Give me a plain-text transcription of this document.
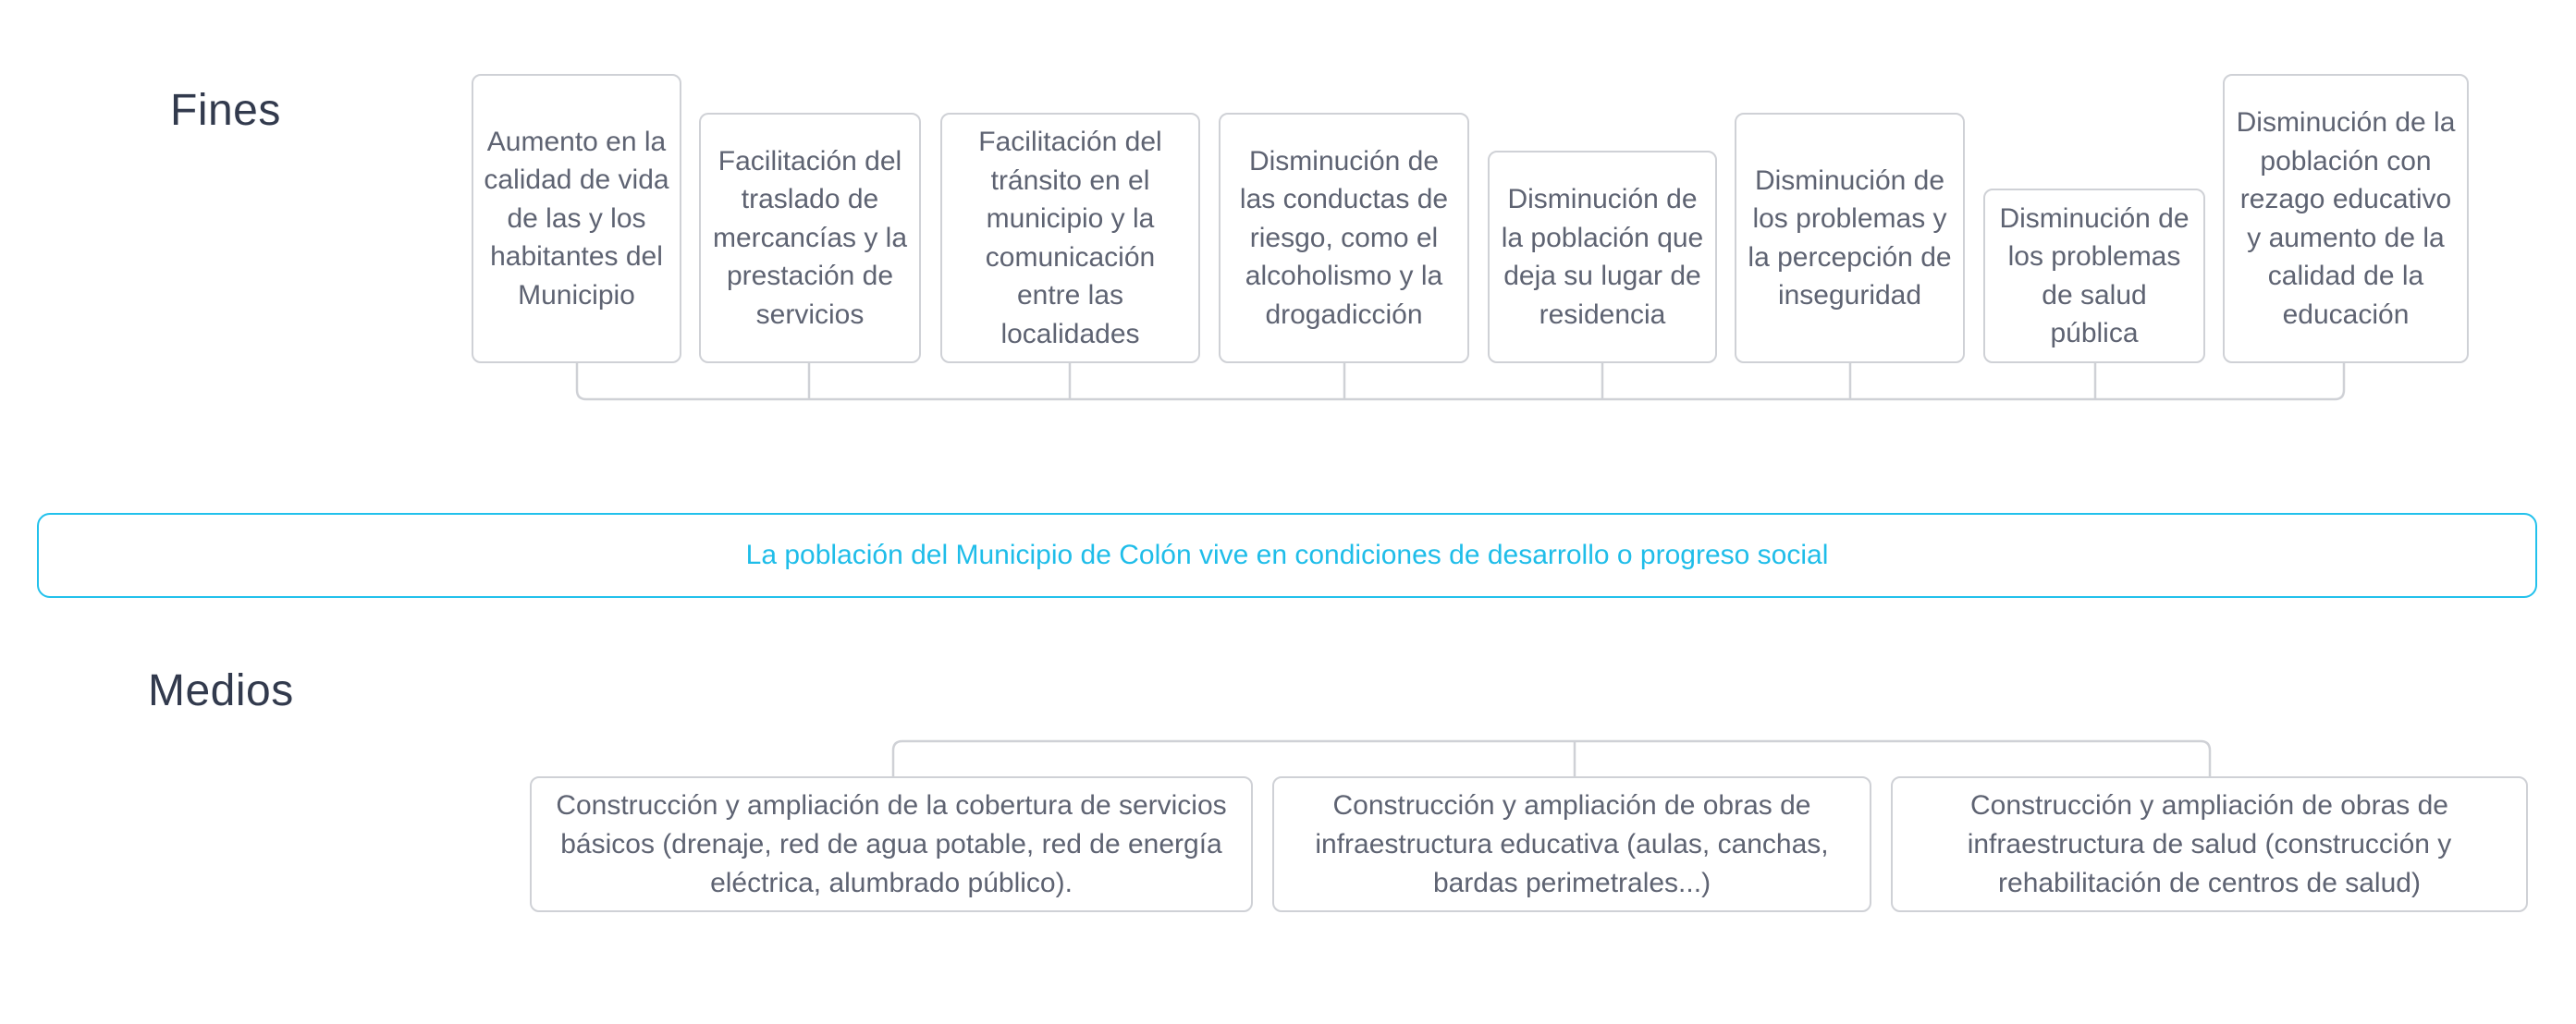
Fines
Aumento en la calidad de vida de las y los habitantes del Municipio
Facilitación del traslado de mercancías y la prestación de servicios
Facilitación del tránsito en el municipio y la comunicación entre las localidades
Disminución de las conductas de riesgo, como el alcoholismo y la drogadicción
Disminución de la población que deja su lugar de residencia
Disminución de los problemas y la percepción de inseguridad
Disminución de los problemas de salud pública
Disminución de la población con rezago educativo y aumento de la calidad de la educación
La población del Municipio de Colón vive en condiciones de desarrollo o progreso social
Medios
Construcción y ampliación de la cobertura de servicios básicos (drenaje, red de agua potable, red de energía eléctrica, alumbrado público).
Construcción y ampliación de obras de infraestructura educativa (aulas, canchas, bardas perimetrales...)
Construcción y ampliación de obras de infraestructura de salud (construcción y rehabilitación de centros de salud)
